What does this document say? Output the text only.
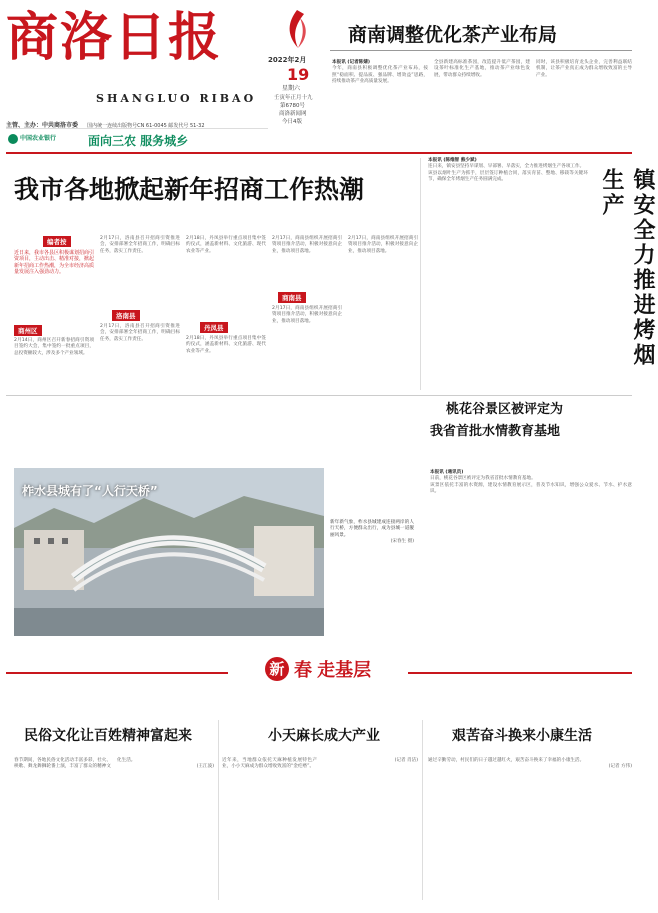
商洛日报
SHANGLUO RIBAO
2022年2月
19
星期六
壬寅年正月十九
第6780号
商洛新闻网
今日4版
主管、主办：中共商洛市委 国内统一连续出版物号CN 61-0045 邮发代号 51-32
商南调整优化茶产业布局
中国农业银行	面向三农 服务城乡
本报讯 (记者陈婧)
今年，商南县积极调整优化茶产业布局，按照“稳面积、提品质、强品牌、增效益”思路，持续推动茶产业高质量发展。
全县新建高标准茶园，改造提升低产茶园，建设茶叶标准化生产基地，推动茶产业绿色发展，带动群众持续增收。
同时，该县积极培育龙头企业，完善利益联结机制，让茶产业真正成为群众增收致富的主导产业。
我市各地掀起新年招商工作热潮
本报讯 (陈维智 熊少斌)
连日来，镇安县坚持早谋划、早部署、早落实，全力推进烤烟生产各项工作。
该县以烟叶生产为抓手，层层签订种植合同，落实育苗、整地、移栽等关键环节，确保全年烤烟生产任务圆满完成。	镇安全力推进烤烟生产
编者按
近日来，我市各县区积极谋划招商引资项目，主动出击、精准对接，掀起新年招商工作热潮，为全市经济高质量发展注入强劲动力。
商州区
2月14日，商州区召开新春招商引资项目签约大会，集中签约一批重点项目，总投资额较大，涉及多个产业领域。
2月17日，洛南县召开招商引资推进会，安排部署全年招商工作，明确目标任务，落实工作责任。
洛南县
2月17日，洛南县召开招商引资推进会，安排部署全年招商工作，明确目标任务，落实工作责任。
2月18日，丹凤县举行重点项目集中签约仪式，涵盖新材料、文化旅游、现代农业等产业。
丹凤县
2月18日，丹凤县举行重点项目集中签约仪式，涵盖新材料、文化旅游、现代农业等产业。
2月17日，商南县组织开展招商引资项目推介活动，积极对接意向企业，推动项目落地。
商南县
2月17日，商南县组织开展招商引资项目推介活动，积极对接意向企业，推动项目落地。
2月17日，商南县组织开展招商引资项目推介活动，积极对接意向企业，推动项目落地。
柞水县城有了“人行天桥”
新年新气象，柞水县城建成连接两岸的人行天桥，方便群众出行，成为县城一道靓丽风景。
(宋春生 摄)
桃花谷景区被评定为
我省首批水情教育基地
本报讯 (通讯员)
日前，桃花谷景区被评定为我省首批水情教育基地。
该景区依托丰富的水资源，建设水情教育展示区，普及节水知识，增强公众爱水、节水、护水意识。
新 春 走基层
民俗文化让百姓精神富起来
春节期间，各地民俗文化活动丰富多彩，社火、秧歌、舞龙舞狮轮番上演，丰富了群众的精神文化生活。
(王江波)
小天麻长成大产业
近年来，当地群众依托天麻种植发展特色产业，小小天麻成为群众增收致富的“金疙瘩”。
(记者 肖洁)
艰苦奋斗换来小康生活
通过辛勤劳动，村民们的日子越过越红火，艰苦奋斗换来了幸福的小康生活。
(记者 方伟)
